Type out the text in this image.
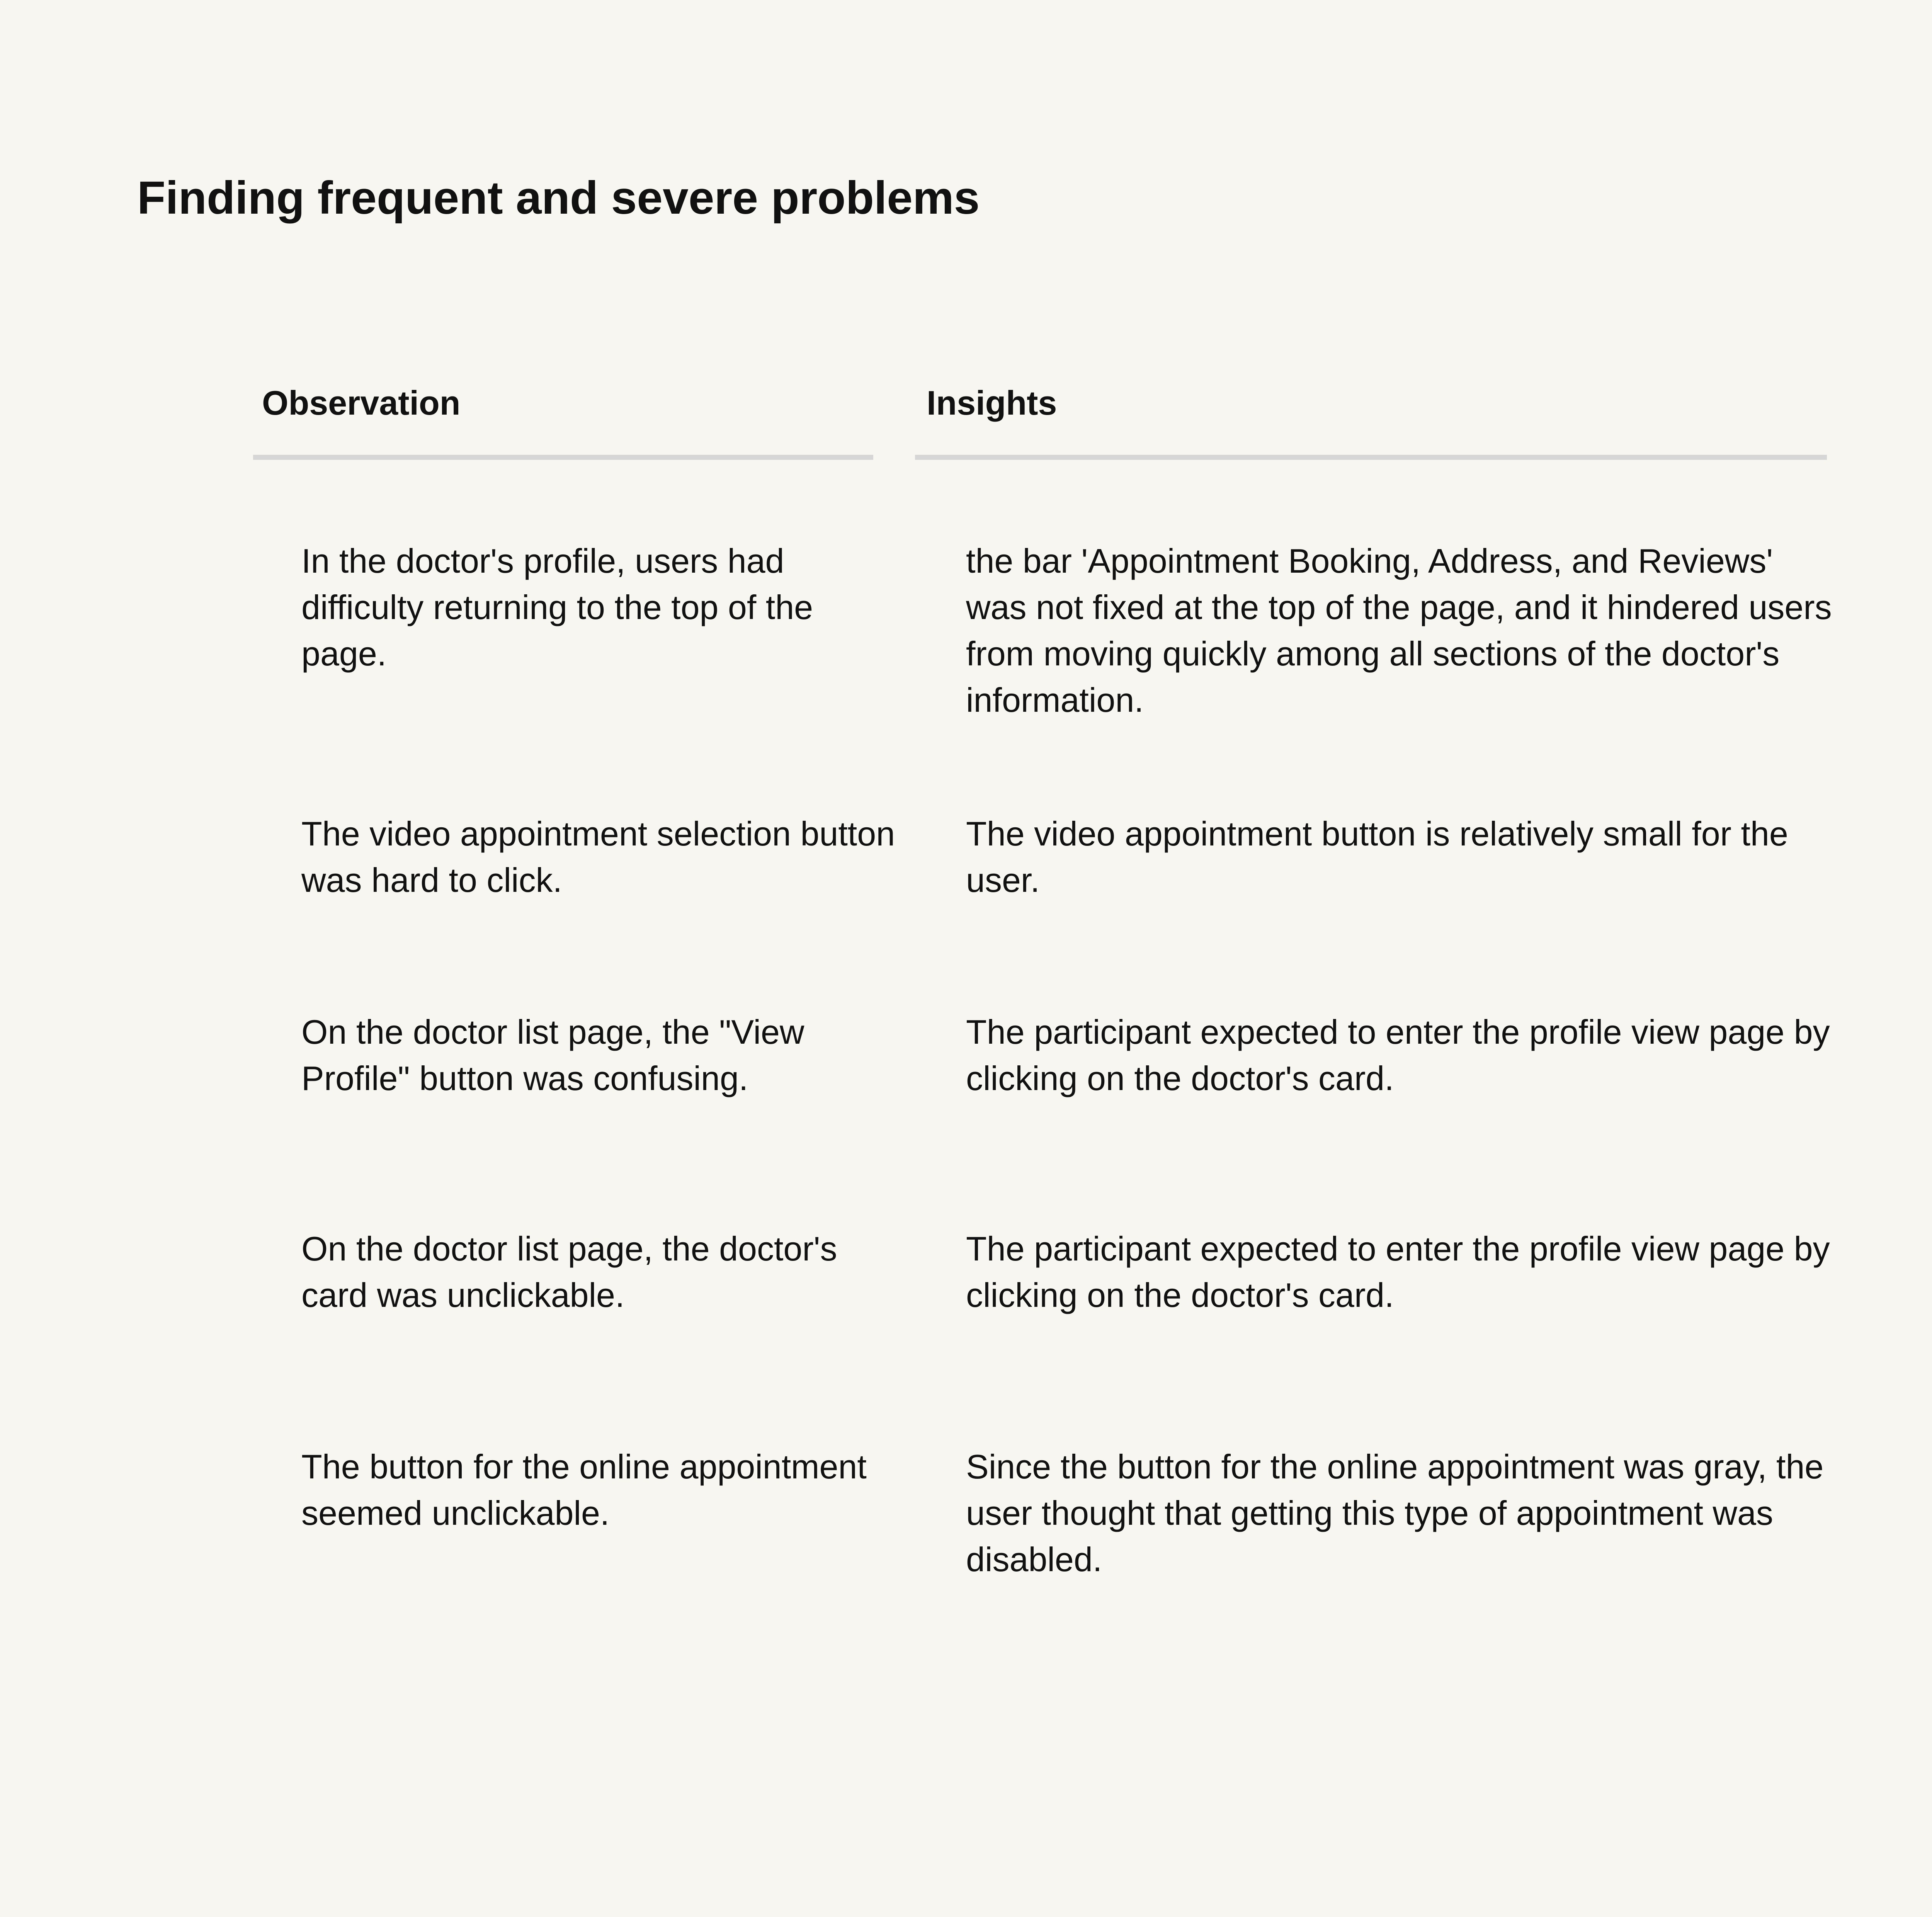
Finding frequent and severe problems
Observation	Insights
In the doctor's profile, users had difficulty returning to the top of the page.
the bar 'Appointment Booking, Address, and Reviews' was not fixed at the top of the page, and it hindered users from moving quickly among all sections of the doctor's information.
The video appointment selection button was hard to click.
The video appointment button is relatively small for the user.
On the doctor list page, the "View Profile" button was confusing.
The participant expected to enter the profile view page by clicking on the doctor's card.
On the doctor list page, the doctor's card was unclickable.
The participant expected to enter the profile view page by clicking on the doctor's card.
The button for the online appointment seemed unclickable.
Since the button for the online appointment was gray, the user thought that getting this type of appointment was disabled.
